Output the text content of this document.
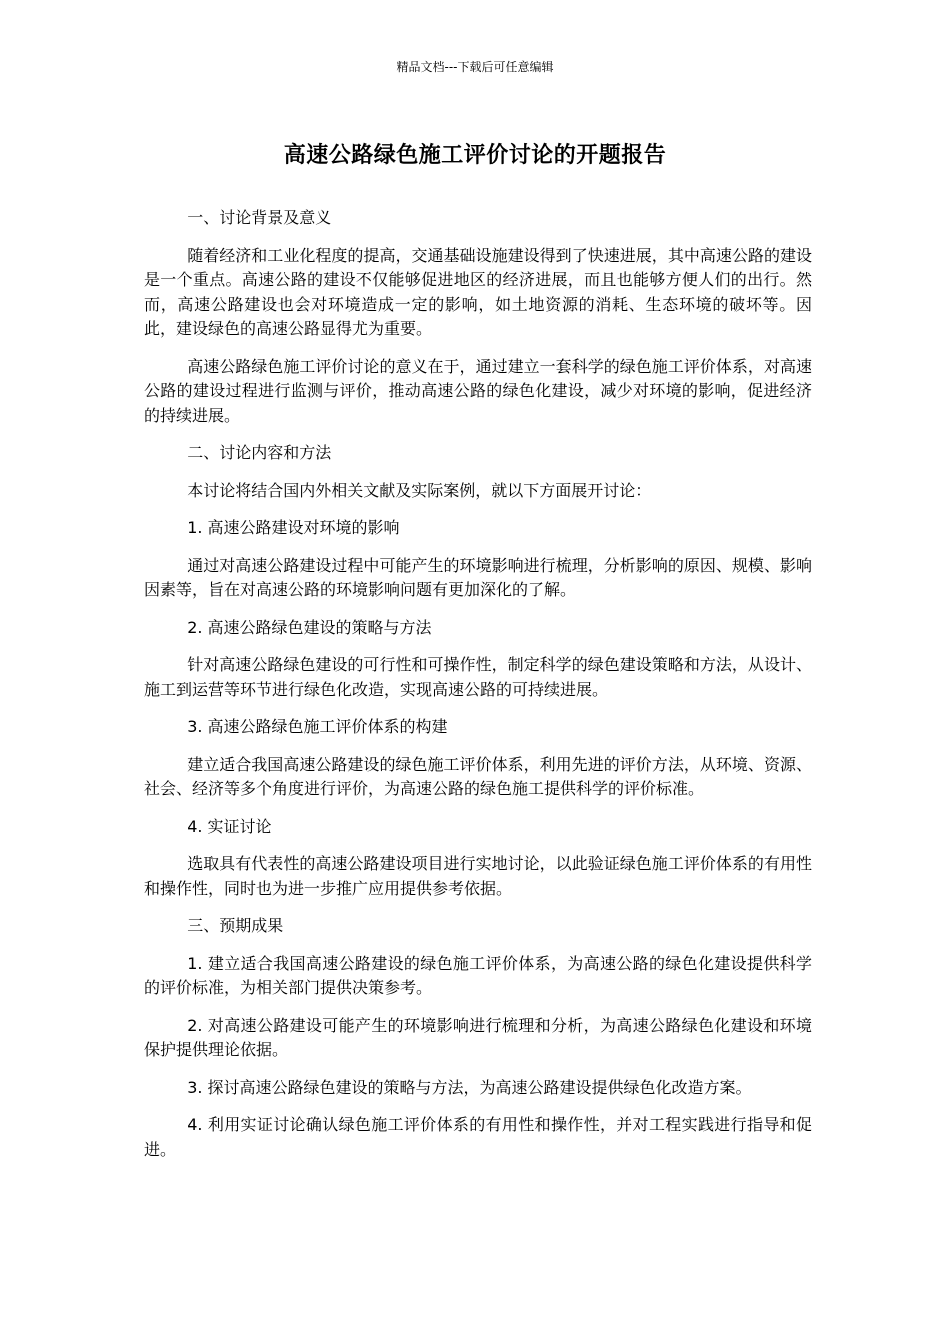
精品文档---下载后可任意编辑
高速公路绿色施工评价讨论的开题报告

一、讨论背景及意义

随着经济和工业化程度的提高，交通基础设施建设得到了快速进展，其中高速公路的建设是一个重点。高速公路的建设不仅能够促进地区的经济进展，而且也能够方便人们的出行。然而，高速公路建设也会对环境造成一定的影响，如土地资源的消耗、生态环境的破坏等。因此，建设绿色的高速公路显得尤为重要。

高速公路绿色施工评价讨论的意义在于，通过建立一套科学的绿色施工评价体系，对高速公路的建设过程进行监测与评价，推动高速公路的绿色化建设，减少对环境的影响，促进经济的持续进展。

二、讨论内容和方法

本讨论将结合国内外相关文献及实际案例，就以下方面展开讨论：

1. 高速公路建设对环境的影响

通过对高速公路建设过程中可能产生的环境影响进行梳理，分析影响的原因、规模、影响因素等，旨在对高速公路的环境影响问题有更加深化的了解。

2. 高速公路绿色建设的策略与方法

针对高速公路绿色建设的可行性和可操作性，制定科学的绿色建设策略和方法，从设计、施工到运营等环节进行绿色化改造，实现高速公路的可持续进展。

3. 高速公路绿色施工评价体系的构建

建立适合我国高速公路建设的绿色施工评价体系，利用先进的评价方法，从环境、资源、社会、经济等多个角度进行评价，为高速公路的绿色施工提供科学的评价标准。

4. 实证讨论

选取具有代表性的高速公路建设项目进行实地讨论，以此验证绿色施工评价体系的有用性和操作性，同时也为进一步推广应用提供参考依据。

三、预期成果

1. 建立适合我国高速公路建设的绿色施工评价体系，为高速公路的绿色化建设提供科学的评价标准，为相关部门提供决策参考。

2. 对高速公路建设可能产生的环境影响进行梳理和分析，为高速公路绿色化建设和环境保护提供理论依据。

3. 探讨高速公路绿色建设的策略与方法，为高速公路建设提供绿色化改造方案。

4. 利用实证讨论确认绿色施工评价体系的有用性和操作性，并对工程实践进行指导和促进。
